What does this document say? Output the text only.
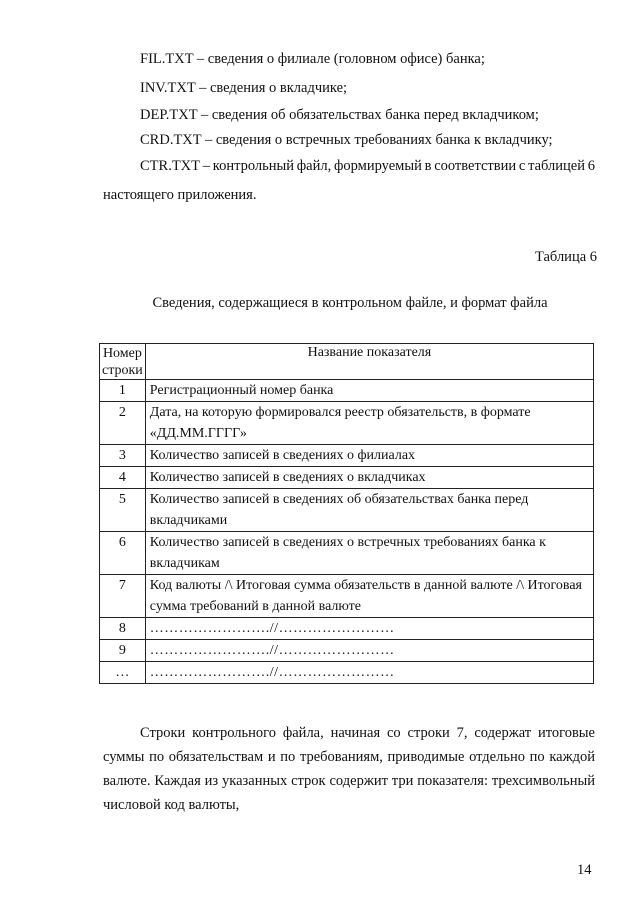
FIL.TXT – сведения о филиале (головном офисе) банка;
INV.TXT – сведения о вкладчике;
DEP.TXT – сведения об обязательствах банка перед вкладчиком;
CRD.TXT – сведения о встречных требованиях банка к вкладчику;
CTR.TXT – контрольный файл, формируемый в соответствии с таблицей 6
настоящего приложения.
Таблица 6
Сведения, содержащиеся в контрольном файле, и формат файла
Номер строки	Название показателя
1	Регистрационный номер банка
2	Дата, на которую формировался реестр обязательств, в формате «ДД.ММ.ГГГГ»
3	Количество записей в сведениях о филиалах
4	Количество записей в сведениях о вкладчиках
5	Количество записей в сведениях об обязательствах банка перед вкладчиками
6	Количество записей в сведениях о встречных требованиях банка к вкладчикам
7	Код валюты /\ Итоговая сумма обязательств в данной валюте /\ Итоговая сумма требований в данной валюте
8	…………………….//……………………
9	…………………….//……………………
…	…………………….//……………………
Строки контрольного файла, начиная со строки 7, содержат итоговые суммы по обязательствам и по требованиям, приводимые отдельно по каждой валюте. Каждая из указанных строк содержит три показателя: трехсимвольный числовой код валюты,
14
